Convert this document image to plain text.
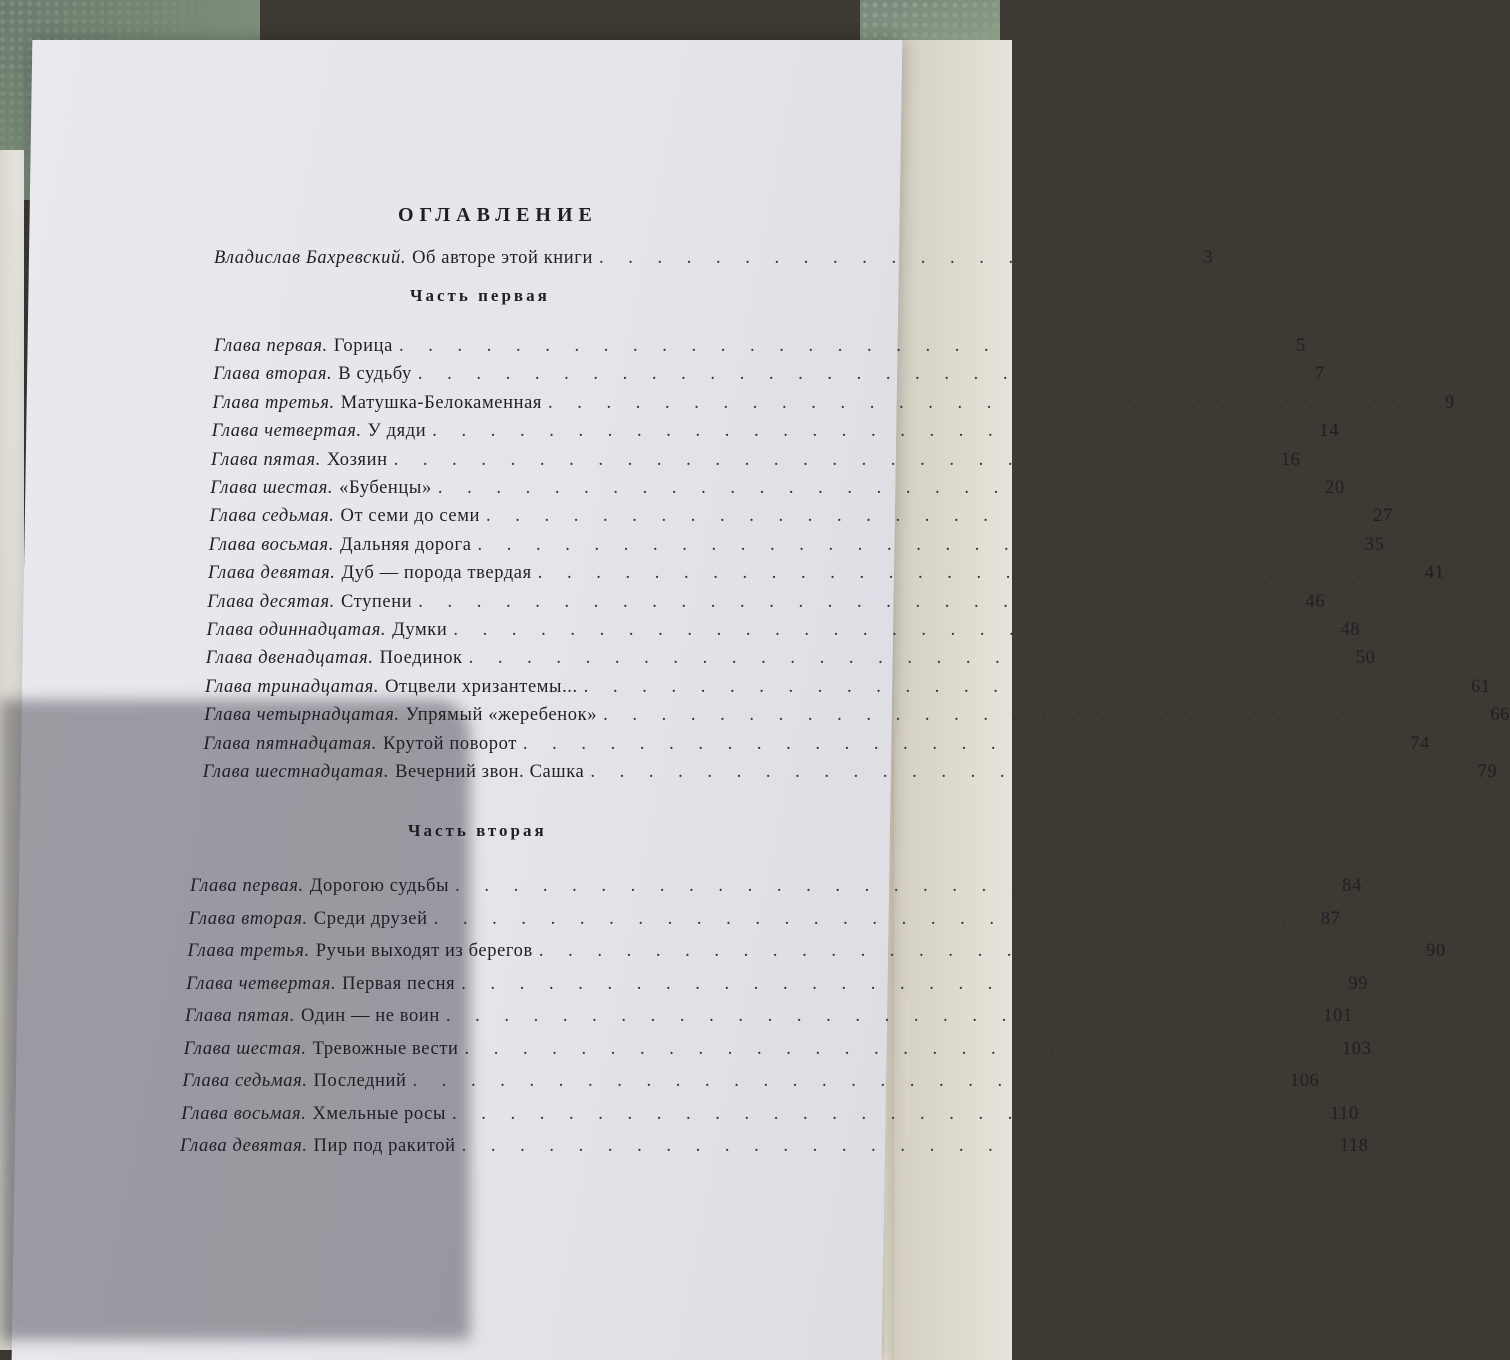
ОГЛАВЛЕНИЕ
Владислав Бахревский. Об авторе этой книги . . . . . . . . . . . . . . . . . . . .	3
Часть первая
Глава первая. Горица . . . . . . . . . . . . . . . . . . . . . . . . . . . . . .	5
Глава вторая. В судьбу . . . . . . . . . . . . . . . . . . . . . . . . . . . . . .	7
Глава третья. Матушка-Белокаменная . . . . . . . . . . . . . . . . . . . . . . . . . . . . . .	9
Глава четвертая. У дяди . . . . . . . . . . . . . . . . . . . . . . . . . . . . . .	14
Глава пятая. Хозяин . . . . . . . . . . . . . . . . . . . . . . . . . . . . . .	16
Глава шестая. «Бубенцы» . . . . . . . . . . . . . . . . . . . . . . . . . . . . . .	20
Глава седьмая. От семи до семи . . . . . . . . . . . . . . . . . . . . . . . . . . . . . .	27
Глава восьмая. Дальняя дорога . . . . . . . . . . . . . . . . . . . . . . . . . . . . . .	35
Глава девятая. Дуб — порода твердая . . . . . . . . . . . . . . . . . . . . . . . . . . . . . .	41
Глава десятая. Ступени . . . . . . . . . . . . . . . . . . . . . . . . . . . . . .	46
Глава одиннадцатая. Думки . . . . . . . . . . . . . . . . . . . . . . . . . . . . . .	48
Глава двенадцатая. Поединок . . . . . . . . . . . . . . . . . . . . . . . . . . . . . .	50
Глава тринадцатая. Отцвели хризантемы... . . . . . . . . . . . . . . . . . . . . . . . . . . . . . .	61
Глава четырнадцатая. Упрямый «жеребенок» . . . . . . . . . . . . . . . . . . . . . . . . . . . . . .	66
Глава пятнадцатая. Крутой поворот . . . . . . . . . . . . . . . . . . . . . . . . . . . . . .	74
Глава шестнадцатая. Вечерний звон. Сашка . . . . . . . . . . . . . . . . . . . . . . . . . . . . . .	79
Часть вторая
Глава первая. Дорогою судьбы . . . . . . . . . . . . . . . . . . . . . . . . . . . . . .	84
Глава вторая. Среди друзей . . . . . . . . . . . . . . . . . . . . . . . . . . . . . .	87
Глава третья. Ручьи выходят из берегов . . . . . . . . . . . . . . . . . . . . . . . . . . . . . .	90
Глава четвертая. Первая песня . . . . . . . . . . . . . . . . . . . . . . . . . . . . . .	99
Глава пятая. Один — не воин . . . . . . . . . . . . . . . . . . . . . . . . . . . . . . 101
Глава шестая. Тревожные вести . . . . . . . . . . . . . . . . . . . . . . . . . . . . . . 103
Глава седьмая. Последний . . . . . . . . . . . . . . . . . . . . . . . . . . . . . . 106
Глава восьмая. Хмельные росы . . . . . . . . . . . . . . . . . . . . . . . . . . . . . . 110
Глава девятая. Пир под ракитой . . . . . . . . . . . . . . . . . . . . . . . . . . . . . . 118
